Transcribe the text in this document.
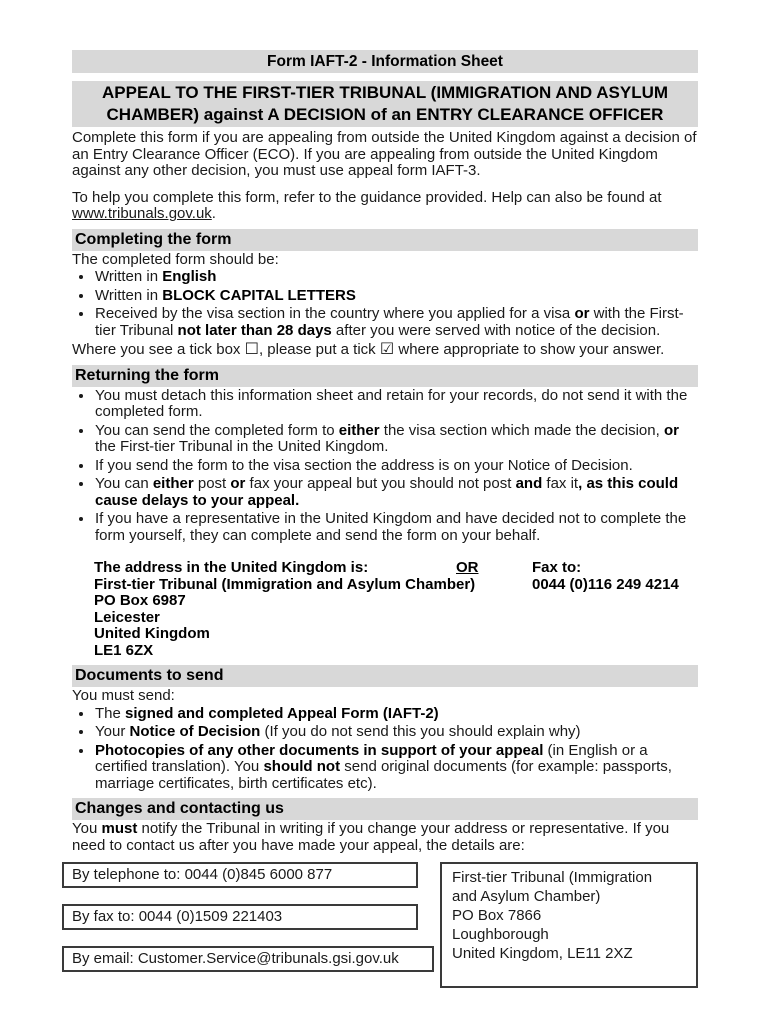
Form IAFT-2 - Information Sheet
APPEAL TO THE FIRST-TIER TRIBUNAL (IMMIGRATION AND ASYLUM CHAMBER) against A DECISION of an ENTRY CLEARANCE OFFICER

Complete this form if you are appealing from outside the United Kingdom against a decision of an Entry Clearance Officer (ECO). If you are appealing from outside the United Kingdom against any other decision, you must use appeal form IAFT-3.

To help you complete this form, refer to the guidance provided. Help can also be found at www.tribunals.gov.uk.

Completing the form

The completed form should be:

• Written in English
• Written in BLOCK CAPITAL LETTERS
• Received by the visa section in the country where you applied for a visa or with the First-tier Tribunal not later than 28 days after you were served with notice of the decision.

Where you see a tick box ☐, please put a tick ☑ where appropriate to show your answer.

Returning the form
• You must detach this information sheet and retain for your records, do not send it with the completed form.
• You can send the completed form to either the visa section which made the decision, or the First-tier Tribunal in the United Kingdom.
• If you send the form to the visa section the address is on your Notice of Decision.
• You can either post or fax your appeal but you should not post and fax it, as this could cause delays to your appeal.
• If you have a representative in the United Kingdom and have decided not to complete the form yourself, they can complete and send the form on your behalf.
The address in the United Kingdom is:	OR	Fax to:
First-tier Tribunal (Immigration and Asylum Chamber)	0044 (0)116 249 4214
PO Box 6987
Leicester
United Kingdom
LE1 6ZX
Documents to send

You must send:

• The signed and completed Appeal Form (IAFT-2)
• Your Notice of Decision (If you do not send this you should explain why)
• Photocopies of any other documents in support of your appeal (in English or a certified translation). You should not send original documents (for example: passports, marriage certificates, birth certificates etc).
Changes and contacting us

You must notify the Tribunal in writing if you change your address or representative. If you need to contact us after you have made your appeal, the details are:

By telephone to: 0044 (0)845 6000 877
By fax to: 0044 (0)1509 221403
By email: Customer.Service@tribunals.gsi.gov.uk
First-tier Tribunal (Immigration
and Asylum Chamber)
PO Box 7866
Loughborough
United Kingdom, LE11 2XZ
